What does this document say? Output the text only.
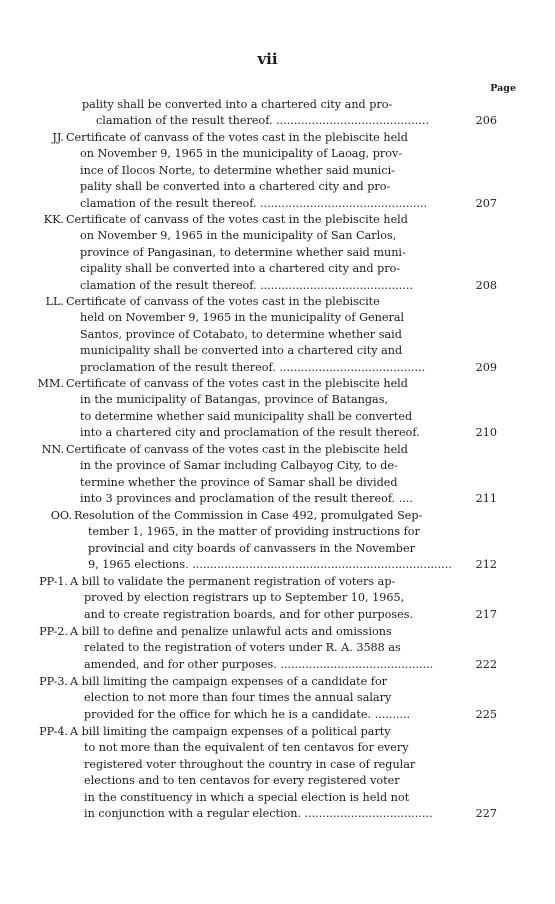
vii
Page
pality shall be converted into a chartered city and pro-
clamation of the result thereof. ...........................................	206
JJ. Certificate of canvass of the votes cast in the plebiscite held
on November 9, 1965 in the municipality of Laoag, prov-
ince of Ilocos Norte, to determine whether said munici-
pality shall be converted into a chartered city and pro-
clamation of the result thereof. ...............................................	207
KK. Certificate of canvass of the votes cast in the plebiscite held
on November 9, 1965 in the municipality of San Carlos,
province of Pangasinan, to determine whether said muni-
cipality shall be converted into a chartered city and pro-
clamation of the result thereof. ...........................................	208
LL. Certificate of canvass of the votes cast in the plebiscite
held on November 9, 1965 in the municipality of General
Santos, province of Cotabato, to determine whether said
municipality shall be converted into a chartered city and
proclamation of the result thereof. .........................................	209
MM. Certificate of canvass of the votes cast in the plebiscite held
in the municipality of Batangas, province of Batangas,
to determine whether said municipality shall be converted
into a chartered city and proclamation of the result thereof.	210
NN. Certificate of canvass of the votes cast in the plebiscite held
in the province of Samar including Calbayog City, to de-
termine whether the province of Samar shall be divided
into 3 provinces and proclamation of the result thereof. ....	211
OO. Resolution of the Commission in Case 492, promulgated Sep-
tember 1, 1965, in the matter of providing instructions for
provincial and city boards of canvassers in the November
9, 1965 elections. .........................................................................	212
PP-1. A bill to validate the permanent registration of voters ap-
proved by election registrars up to September 10, 1965,
and to create registration boards, and for other purposes.	217
PP-2. A bill to define and penalize unlawful acts and omissions
related to the registration of voters under R. A. 3588 as
amended, and for other purposes. ...........................................	222
PP-3. A bill limiting the campaign expenses of a candidate for
election to not more than four times the annual salary
provided for the office for which he is a candidate. ..........	225
PP-4. A bill limiting the campaign expenses of a political party
to not more than the equivalent of ten centavos for every
registered voter throughout the country in case of regular
elections and to ten centavos for every registered voter
in the constituency in which a special election is held not
in conjunction with a regular election. ....................................	227
